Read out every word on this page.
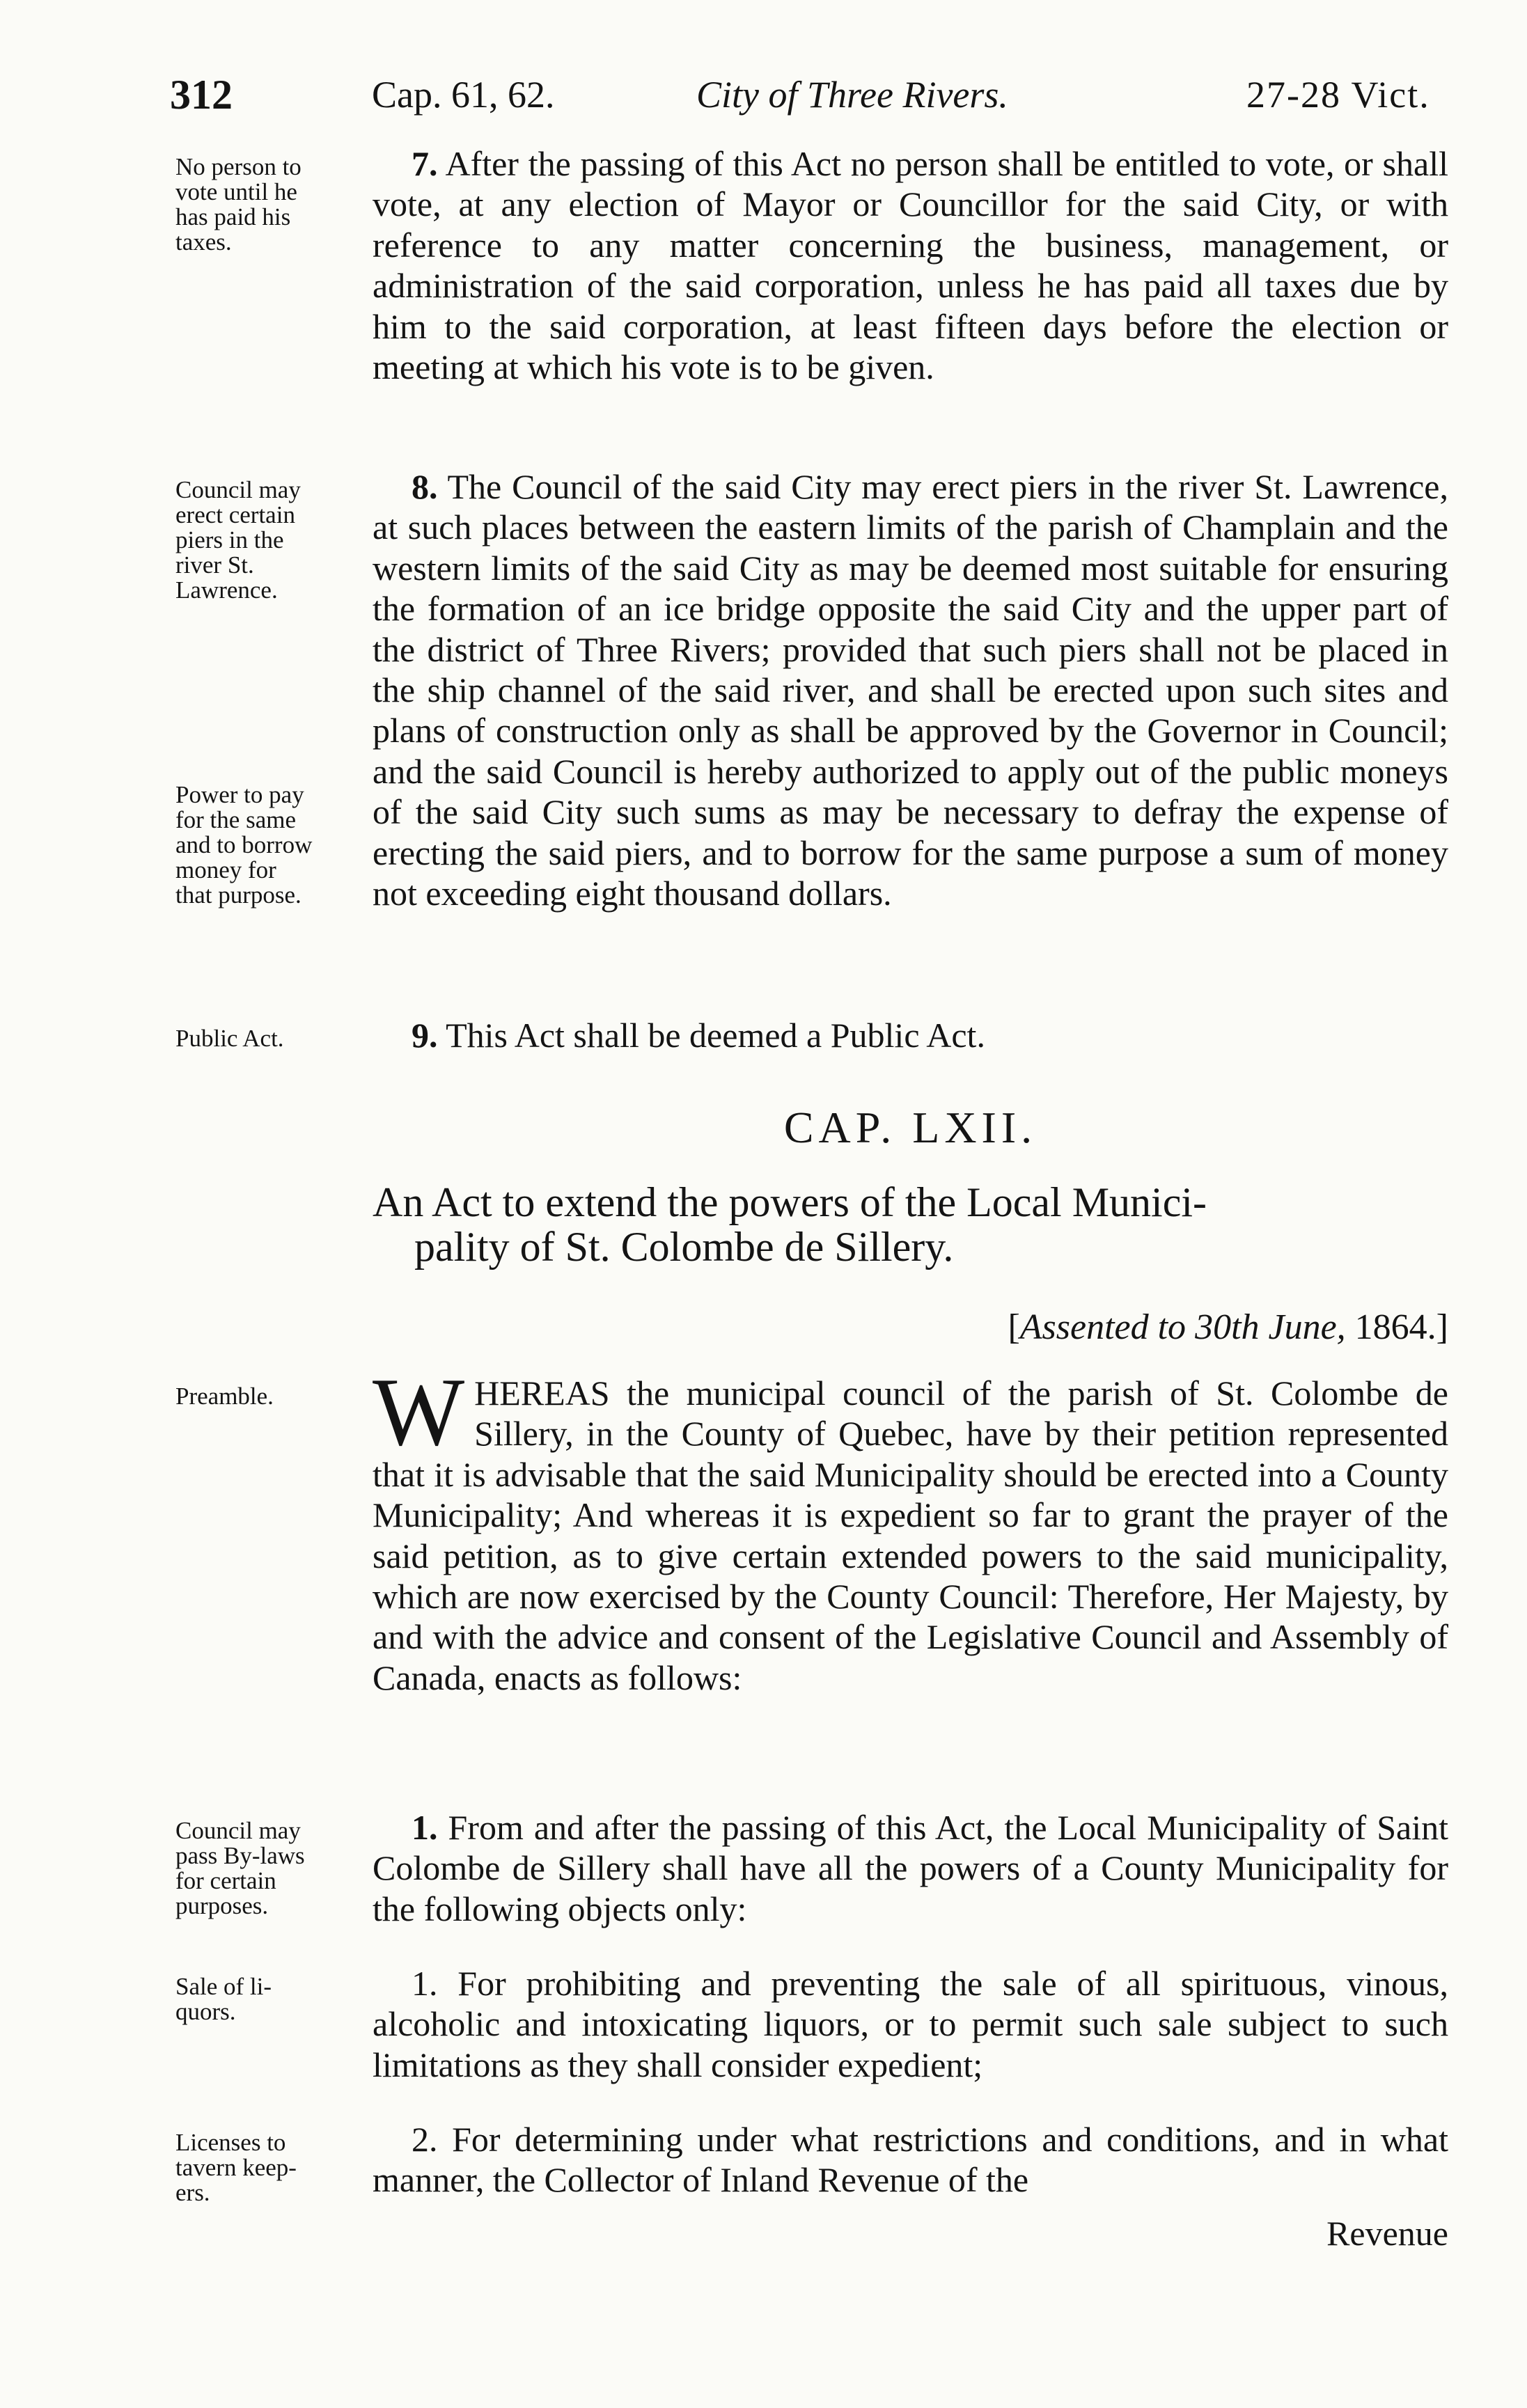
312	Cap. 61, 62.	City of Three Rivers.	27-28 Vict.
No person to
vote until he
has paid his
taxes.

7. After the passing of this Act no person shall be entitled to vote, or shall vote, at any election of Mayor or Councillor for the said City, or with reference to any matter concerning the business, management, or administration of the said corporation, unless he has paid all taxes due by him to the said corporation, at least fifteen days before the election or meeting at which his vote is to be given.

Council may
erect certain
piers in the
river St.
Lawrence.
Power to pay
for the same
and to borrow
money for
that purpose.

8. The Council of the said City may erect piers in the river St. Lawrence, at such places between the eastern limits of the parish of Champlain and the western limits of the said City as may be deemed most suitable for ensuring the formation of an ice bridge opposite the said City and the upper part of the district of Three Rivers; provided that such piers shall not be placed in the ship channel of the said river, and shall be erected upon such sites and plans of construction only as shall be approved by the Governor in Council; and the said Council is hereby authorized to apply out of the public moneys of the said City such sums as may be necessary to defray the expense of erecting the said piers, and to borrow for the same purpose a sum of money not exceeding eight thousand dollars.

Public Act.	9. This Act shall be deemed a Public Act.

CAP. LXII.
An Act to extend the powers of the Local Munici-
pality of St. Colombe de Sillery.
[Assented to 30th June, 1864.]
Preamble.	WHEREAS the municipal council of the parish of St. Colombe de Sillery, in the County of Quebec, have by their petition represented that it is advisable that the said Municipality should be erected into a County Municipality; And whereas it is expedient so far to grant the prayer of the said petition, as to give certain extended powers to the said municipality, which are now exercised by the County Council: Therefore, Her Majesty, by and with the advice and consent of the Legislative Council and Assembly of Canada, enacts as follows:

Council may
pass By-laws
for certain
purposes.

1. From and after the passing of this Act, the Local Municipality of Saint Colombe de Sillery shall have all the powers of a County Municipality for the following objects only:

Sale of li-
quors.

1. For prohibiting and preventing the sale of all spirituous, vinous, alcoholic and intoxicating liquors, or to permit such sale subject to such limitations as they shall consider expedient;

Licenses to
tavern keep-
ers.

2. For determining under what restrictions and conditions, and in what manner, the Collector of Inland Revenue of the

Revenue
